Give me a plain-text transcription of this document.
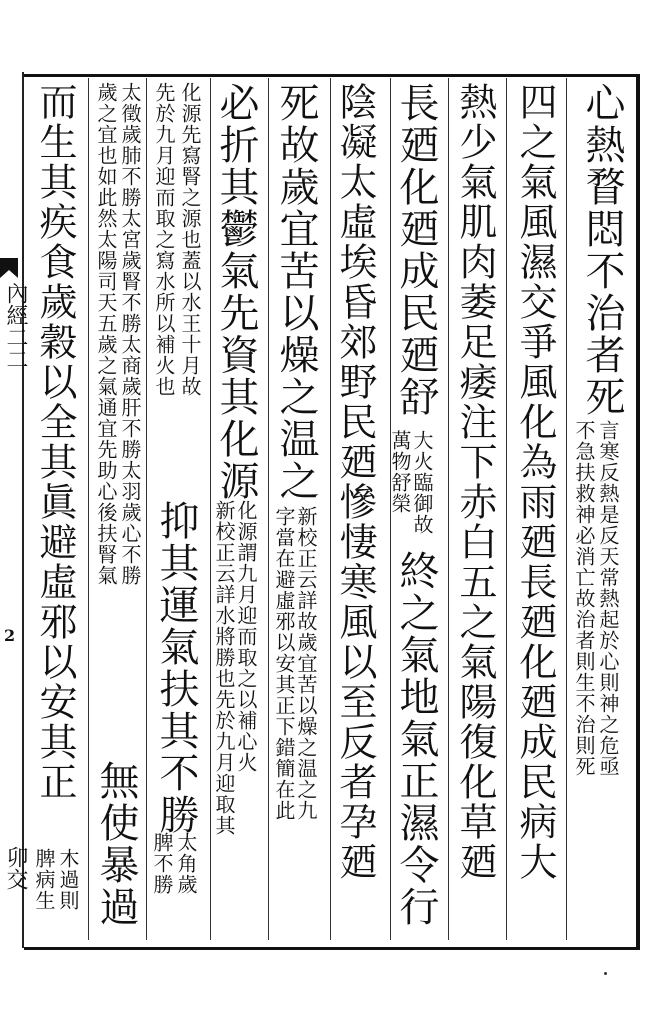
內經二二
2
卯交
心熱瞀悶不治者死
言寒反熱是反天常熱起於心則神之危亟
不急扶救神必消亡故治者則生不治則死
四之氣風濕交爭風化為雨廼長廼化廼成民病大
熱少氣肌肉萎足痿注下赤白五之氣陽復化草廼
長廼化廼成民廼舒
大火臨御故
萬物舒榮
終之氣地氣正濕令行
陰凝太虛埃昏郊野民廼慘悽寒風以至反者孕廼
死故歲宜苦以燥之温之
新校正云詳故歲宜苦以燥之温之九
字當在避虛邪以安其正下錯簡在此
必折其鬱氣先資其化源
化源謂九月迎而取之以補心火
新校正云詳水將勝也先於九月迎取其
化源先寫腎之源也蓋以水王十月故
先於九月迎而取之寫水所以補火也
抑其運氣扶其不勝
太角歲
脾不勝
太徵歲肺不勝太宮歲腎不勝太商歲肝不勝太羽歲心不勝
歲之宜也如此然太陽司天五歲之氣通宜先助心後扶腎氣
無使暴過
而生其疾食歲穀以全其眞避虛邪以安其正
木過則
脾病生
